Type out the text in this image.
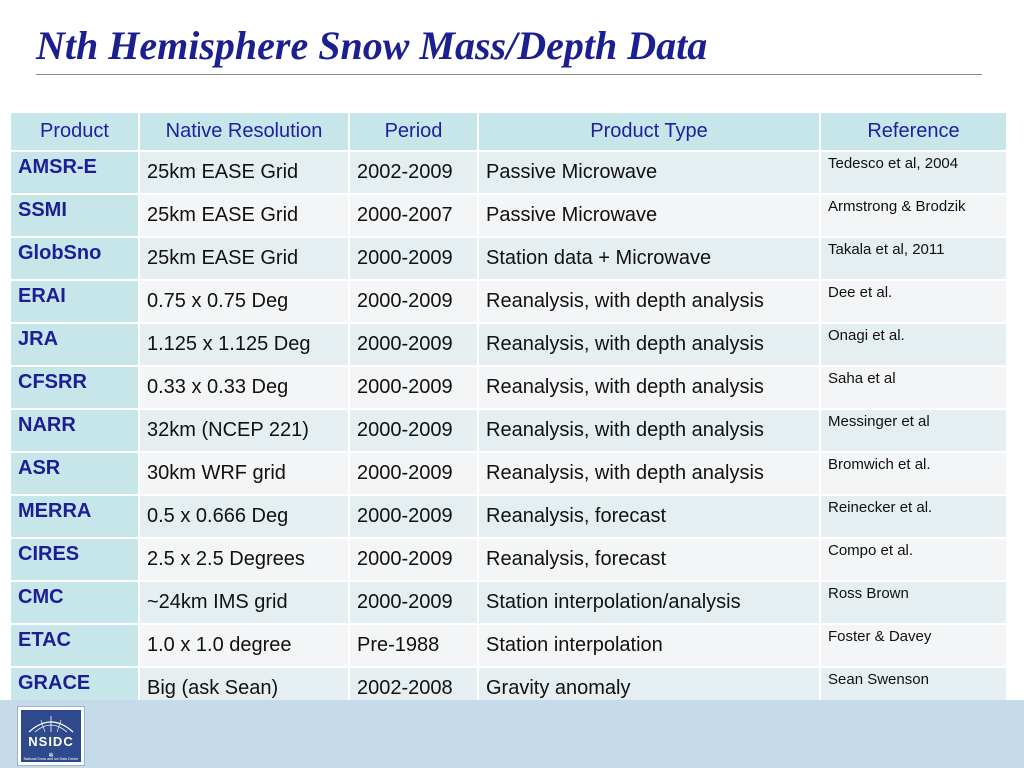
Nth Hemisphere Snow Mass/Depth Data
Product	Native Resolution	Period	Product Type	Reference
AMSR-E	25km EASE Grid	2002-2009	Passive Microwave	Tedesco et al, 2004
SSMI	25km EASE Grid	2000-2007	Passive Microwave	Armstrong & Brodzik
GlobSno	25km EASE Grid	2000-2009	Station data + Microwave	Takala et al, 2011
ERAI	0.75 x 0.75 Deg	2000-2009	Reanalysis, with depth analysis	Dee et al.
JRA	1.125 x 1.125 Deg	2000-2009	Reanalysis, with depth analysis	Onagi et al.
CFSRR	0.33 x 0.33 Deg	2000-2009	Reanalysis, with depth analysis	Saha et al
NARR	32km (NCEP 221)	2000-2009	Reanalysis, with depth analysis	Messinger et al
ASR	30km WRF grid	2000-2009	Reanalysis, with depth analysis	Bromwich et al.
MERRA	0.5 x 0.666 Deg	2000-2009	Reanalysis, forecast	Reinecker et al.
CIRES	2.5 x 2.5 Degrees	2000-2009	Reanalysis, forecast	Compo et al.
CMC	~24km IMS grid	2000-2009	Station interpolation/analysis	Ross Brown
ETAC	1.0 x 1.0 degree	Pre-1988	Station interpolation	Foster & Davey
GRACE	Big (ask Sean)	2002-2008	Gravity anomaly	Sean Swenson
✻
NSIDC
National Snow and Ice Data Center
